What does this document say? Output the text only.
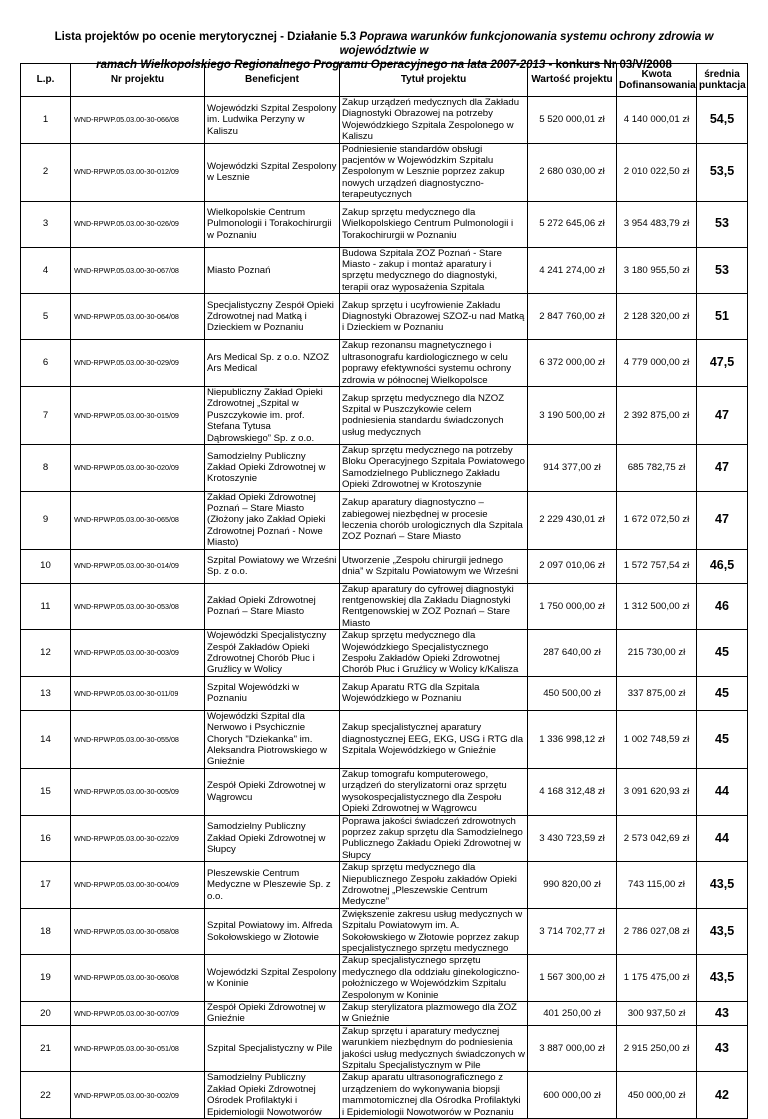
Lista projektów po ocenie merytorycznej - Działanie 5.3 Poprawa warunków funkcjonowania systemu ochrony zdrowia w województwie w
ramach Wielkopolskiego Regionalnego Programu Operacyjnego na lata 2007-2013 - konkurs Nr 03/V/2008
L.p.	Nr projektu	Beneficjent	Tytuł projektu	Wartość projektu	Kwota Dofinansowania	średnia punktacja
1	WND-RPWP.05.03.00-30-066/08	Wojewódzki Szpital Zespolony im. Ludwika Perzyny w Kaliszu	Zakup urządzeń medycznych dla Zakładu Diagnostyki Obrazowej na potrzeby Wojewódzkiego Szpitala Zespolonego w Kaliszu	5 520 000,01 zł	4 140 000,01 zł	54,5
2	WND-RPWP.05.03.00-30-012/09	Wojewódzki Szpital Zespolony w Lesznie	Podniesienie standardów obsługi pacjentów w Wojewódzkim Szpitalu Zespolonym w Lesznie poprzez zakup nowych urządzeń diagnostyczno-terapeutycznych	2 680 030,00 zł	2 010 022,50 zł	53,5
3	WND-RPWP.05.03.00-30-026/09	Wielkopolskie Centrum Pulmonologii i Torakochirurgii w Poznaniu	Zakup sprzętu medycznego dla Wielkopolskiego Centrum Pulmonologii i Torakochirurgii w Poznaniu	5 272 645,06 zł	3 954 483,79 zł	53
4	WND-RPWP.05.03.00-30-067/08	Miasto Poznań	Budowa Szpitala ZOZ Poznań - Stare Miasto - zakup i montaż aparatury i sprzętu medycznego do diagnostyki, terapii oraz wyposażenia Szpitala	4 241 274,00 zł	3 180 955,50 zł	53
5	WND-RPWP.05.03.00-30-064/08	Specjalistyczny Zespół Opieki Zdrowotnej nad Matką i Dzieckiem w Poznaniu	Zakup sprzętu i ucyfrowienie Zakładu Diagnostyki Obrazowej SZOZ-u nad Matką i Dzieckiem w Poznaniu	2 847 760,00 zł	2 128 320,00 zł	51
6	WND-RPWP.05.03.00-30-029/09	Ars Medical Sp. z o.o. NZOZ Ars Medical	Zakup rezonansu magnetycznego i ultrasonografu kardiologicznego w celu poprawy efektywności systemu ochrony zdrowia w północnej Wielkopolsce	6 372 000,00 zł	4 779 000,00 zł	47,5
7	WND-RPWP.05.03.00-30-015/09	Niepubliczny Zakład Opieki Zdrowotnej „Szpital w Puszczykowie im. prof. Stefana Tytusa Dąbrowskiego” Sp. z o.o.	Zakup sprzętu medycznego dla NZOZ Szpital w Puszczykowie celem podniesienia standardu świadczonych usług medycznych	3 190 500,00 zł	2 392 875,00 zł	47
8	WND-RPWP.05.03.00-30-020/09	Samodzielny Publiczny Zakład Opieki Zdrowotnej w Krotoszynie	Zakup sprzętu medycznego na potrzeby Bloku Operacyjnego Szpitala Powiatowego Samodzielnego Publicznego Zakładu Opieki Zdrowotnej w Krotoszynie	914 377,00 zł	685 782,75 zł	47
9	WND-RPWP.05.03.00-30-065/08	Zakład Opieki Zdrowotnej Poznań – Stare Miasto (Złożony jako Zakład Opieki Zdrowotnej Poznań - Nowe Miasto)	Zakup aparatury diagnostyczno – zabiegowej niezbędnej w procesie leczenia chorób urologicznych dla Szpitala ZOZ Poznań – Stare Miasto	2 229 430,01 zł	1 672 072,50 zł	47
10	WND-RPWP.05.03.00-30-014/09	Szpital Powiatowy we Wrześni Sp. z o.o.	Utworzenie „Zespołu chirurgii jednego dnia” w Szpitalu Powiatowym we Wrześni	2 097 010,06 zł	1 572 757,54 zł	46,5
11	WND-RPWP.05.03.00-30-053/08	Zakład Opieki Zdrowotnej Poznań – Stare Miasto	Zakup aparatury do cyfrowej diagnostyki rentgenowskiej dla Zakładu Diagnostyki Rentgenowskiej w ZOZ Poznań – Stare Miasto	1 750 000,00 zł	1 312 500,00 zł	46
12	WND-RPWP.05.03.00-30-003/09	Wojewódzki Specjalistyczny Zespół Zakładów Opieki Zdrowotnej Chorób Płuc i Gruźlicy w Wolicy	Zakup sprzętu medycznego dla Wojewódzkiego Specjalistycznego Zespołu Zakładów Opieki Zdrowotnej Chorób Płuc i Gruźlicy w Wolicy k/Kalisza	287 640,00 zł	215 730,00 zł	45
13	WND-RPWP.05.03.00-30-011/09	Szpital Wojewódzki w Poznaniu	Zakup Aparatu RTG dla Szpitala Wojewódzkiego w Poznaniu	450 500,00 zł	337 875,00 zł	45
14	WND-RPWP.05.03.00-30-055/08	Wojewódzki Szpital dla Nerwowo i Psychicznie Chorych "Dziekanka" im. Aleksandra Piotrowskiego w Gnieźnie	Zakup specjalistycznej aparatury diagnostycznej EEG, EKG, USG i RTG dla Szpitala Wojewódzkiego w Gnieźnie	1 336 998,12 zł	1 002 748,59 zł	45
15	WND-RPWP.05.03.00-30-005/09	Zespół Opieki Zdrowotnej w Wągrowcu	Zakup tomografu komputerowego, urządzeń do sterylizatorni oraz sprzętu wysokospecjalistycznego dla Zespołu Opieki Zdrowotnej w Wągrowcu	4 168 312,48 zł	3 091 620,93 zł	44
16	WND-RPWP.05.03.00-30-022/09	Samodzielny Publiczny Zakład Opieki Zdrowotnej w Słupcy	Poprawa jakości świadczeń zdrowotnych poprzez zakup sprzętu dla Samodzielnego Publicznego Zakładu Opieki Zdrowotnej w Słupcy	3 430 723,59 zł	2 573 042,69 zł	44
17	WND-RPWP.05.03.00-30-004/09	Pleszewskie Centrum Medyczne w Pleszewie Sp. z o.o.	Zakup sprzętu medycznego dla Niepublicznego Zespołu zakładów Opieki Zdrowotnej „Pleszewskie Centrum Medyczne”	990 820,00 zł	743 115,00 zł	43,5
18	WND-RPWP.05.03.00-30-058/08	Szpital Powiatowy im. Alfreda Sokołowskiego w Złotowie	Zwiększenie zakresu usług medycznych w Szpitalu Powiatowym im. A. Sokołowskiego w Złotowie poprzez zakup specjalistycznego sprzętu medycznego	3 714 702,77 zł	2 786 027,08 zł	43,5
19	WND-RPWP.05.03.00-30-060/08	Wojewódzki Szpital Zespolony w Koninie	Zakup specjalistycznego sprzętu medycznego dla oddziału ginekologiczno-położniczego w Wojewódzkim Szpitalu Zespolonym w Koninie	1 567 300,00 zł	1 175 475,00 zł	43,5
20	WND-RPWP.05.03.00-30-007/09	Zespół Opieki Zdrowotnej w Gnieźnie	Zakup sterylizatora plazmowego dla ZOZ w Gnieźnie	401 250,00 zł	300 937,50 zł	43
21	WND-RPWP.05.03.00-30-051/08	Szpital Specjalistyczny w Pile	Zakup sprzętu i aparatury medycznej warunkiem niezbędnym do podniesienia jakości usług medycznych świadczonych w Szpitalu Specjalistycznym w Pile	3 887 000,00 zł	2 915 250,00 zł	43
22	WND-RPWP.05.03.00-30-002/09	Samodzielny Publiczny Zakład Opieki Zdrowotnej Ośrodek Profilaktyki i Epidemiologii Nowotworów	Zakup aparatu ultrasonograficznego z urządzeniem do wykonywania biopsji mammotomicznej dla Ośrodka Profilaktyki i Epidemiologii Nowotworów w Poznaniu	600 000,00 zł	450 000,00 zł	42
